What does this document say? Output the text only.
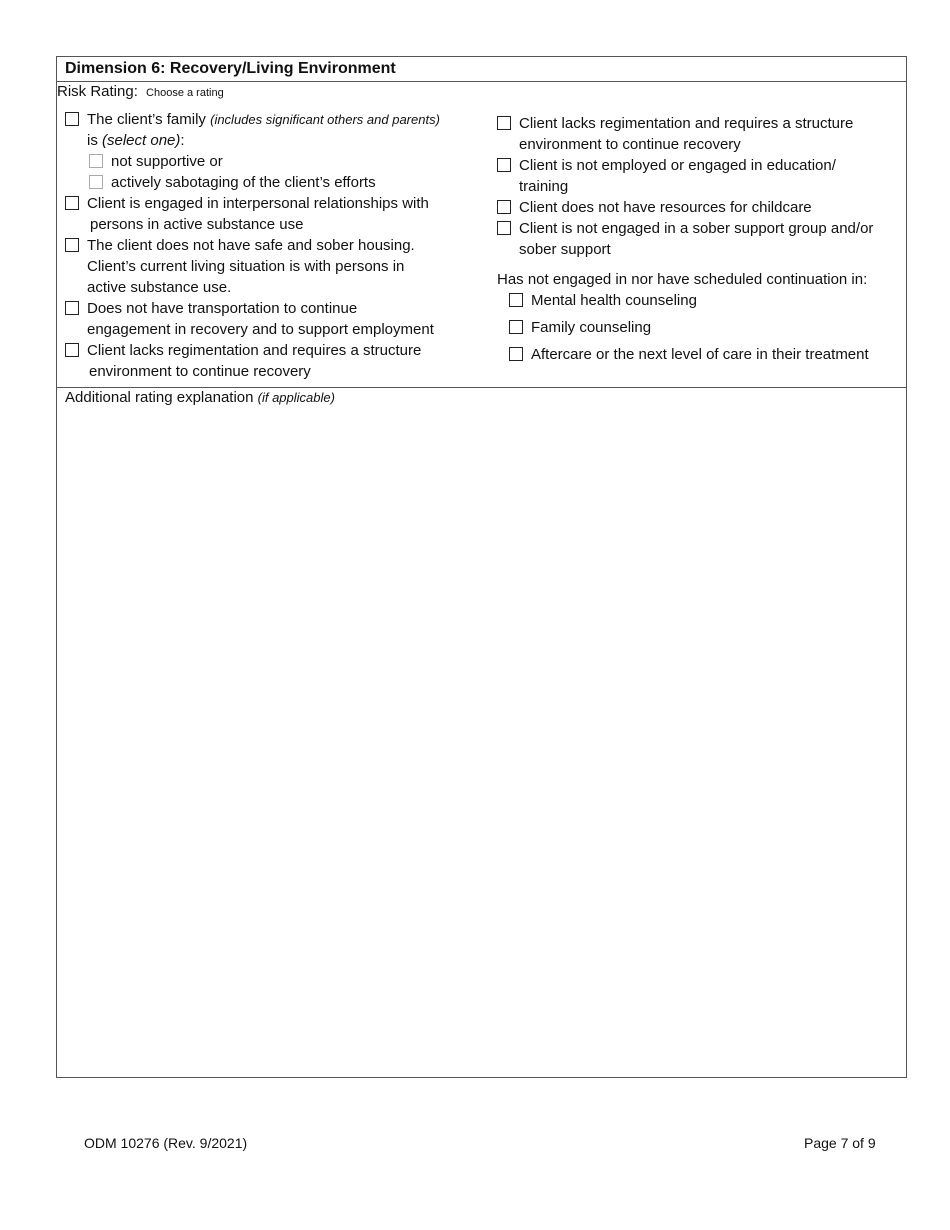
Dimension 6: Recovery/Living Environment
Risk Rating: Choose a rating
The client’s family (includes significant others and parents)
is (select one):
not supportive or
actively sabotaging of the client’s efforts
Client is engaged in interpersonal relationships with
persons in active substance use
The client does not have safe and sober housing.
Client’s current living situation is with persons in
active substance use.
Does not have transportation to continue
engagement in recovery and to support employment
Client lacks regimentation and requires a structure
environment to continue recovery
Client lacks regimentation and requires a structure
environment to continue recovery
Client is not employed or engaged in education/
training
Client does not have resources for childcare
Client is not engaged in a sober support group and/or
sober support
Has not engaged in nor have scheduled continuation in:
Mental health counseling
Family counseling
Aftercare or the next level of care in their treatment
Additional rating explanation (if applicable)
ODM 10276 (Rev. 9/2021)	Page 7 of 9
